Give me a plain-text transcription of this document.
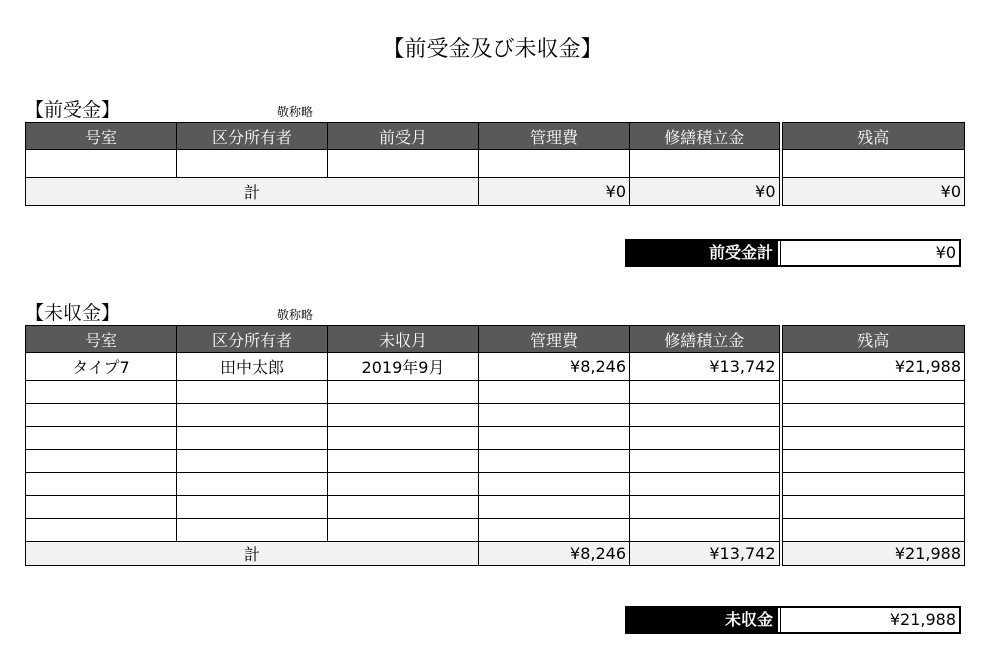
【前受金及び未収金】
【前受金】	敬称略
号室	区分所有者	前受月	管理費	修繕積立金	残高

計			¥0	¥0	¥0
前受金計	¥0
【未収金】	敬称略
号室	区分所有者	未収月	管理費	修繕積立金	残高
タイプ7	田中太郎	2019年9月	¥8,246	¥13,742	¥21,988

計			¥8,246	¥13,742	¥21,988
未収金	¥21,988
